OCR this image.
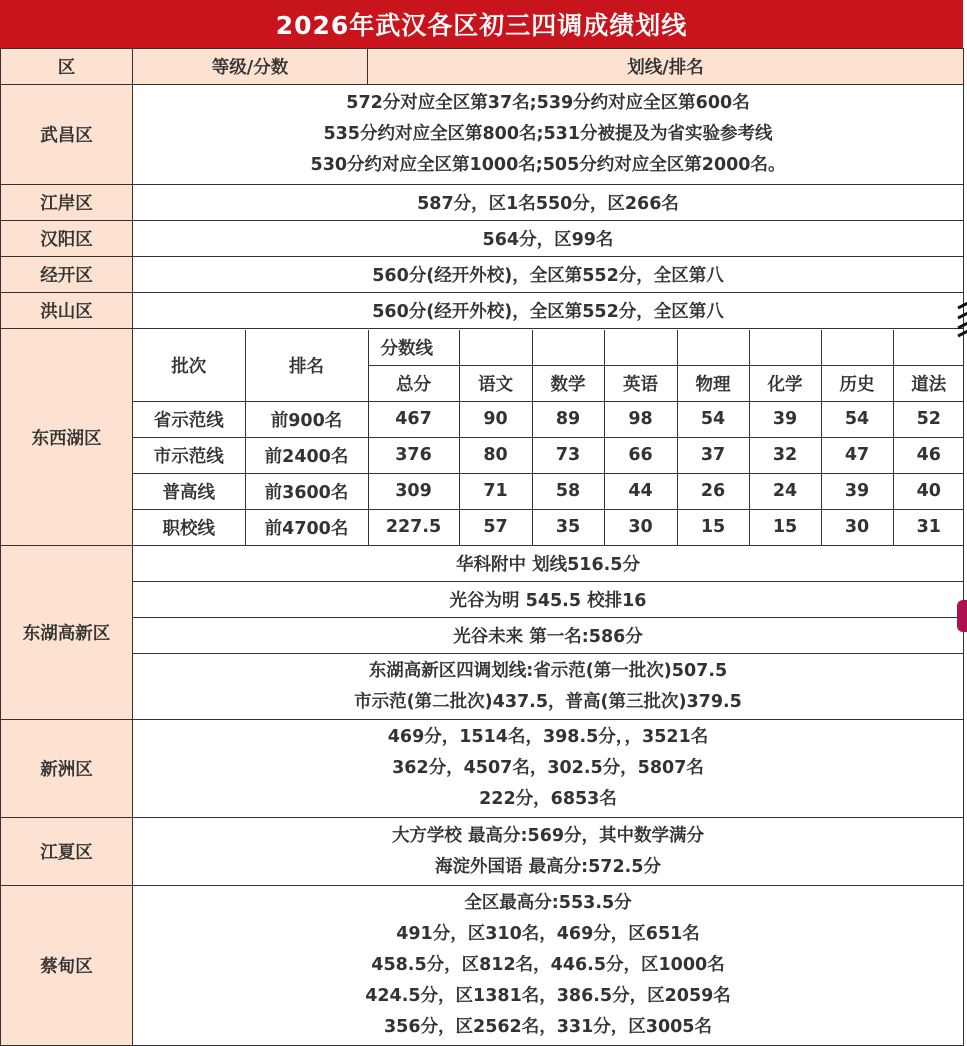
2026年武汉各区初三四调成绩划线
区	等级/分数	划线/排名
武昌区	
572分对应全区第37名;539分约对应全区第600名
535分约对应全区第800名;531分被提及为省实验参考线
530分约对应全区第1000名;505分约对应全区第2000名。

江岸区	587分，区1名550分，区266名
汉阳区	564分，区99名
经开区	560分(经开外校)，全区第552分，全区第八
洪山区	560分(经开外校)，全区第552分，全区第八
东西湖区	
批次	排名	分数线							
总分	语文	数学	英语	物理	化学	历史	道法
省示范线	前900名	467	90	89	98	54	39	54	52
市示范线	前2400名	376	80	73	66	37	32	47	46
普高线	前3600名	309	71	58	44	26	24	39	40
职校线	前4700名	227.5	57	35	30	15	15	30	31

东湖高新区	华科附中 划线516.5分
光谷为明 545.5 校排16
光谷未来 第一名:586分

东湖高新区四调划线:省示范(第一批次)507.5
市示范(第二批次)437.5，普高(第三批次)379.5

新洲区	
469分，1514名，398.5分，，3521名
362分，4507名，302.5分，5807名
222分，6853名

江夏区	
大方学校 最高分:569分，其中数学满分
海淀外国语 最高分:572.5分

蔡甸区	
全区最高分:553.5分
491分，区310名，469分，区651名
458.5分，区812名，446.5分，区1000名
424.5分，区1381名，386.5分，区2059名
356分，区2562名，331分，区3005名
